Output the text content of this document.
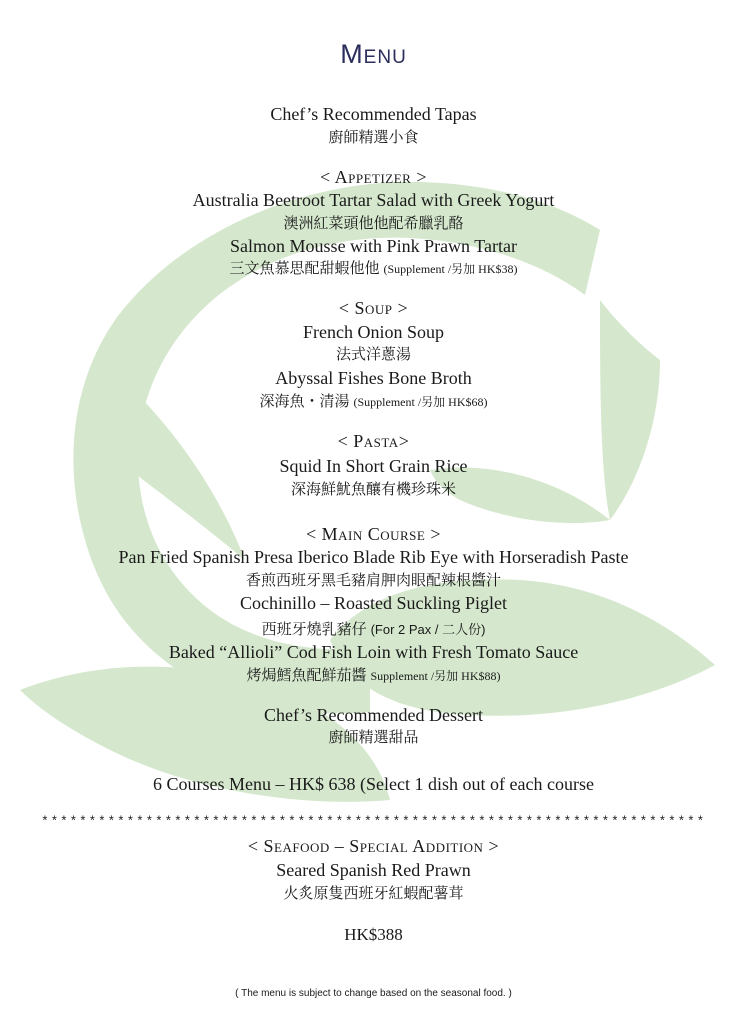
Menu
Chef’s Recommended Tapas
廚師精選小食
< Appetizer >
Australia Beetroot Tartar Salad with Greek Yogurt
澳洲紅菜頭他他配希臘乳酪
Salmon Mousse with Pink Prawn Tartar
三文魚慕思配甜蝦他他 (Supplement /另加 HK$38)
< Soup >
French Onion Soup
法式洋蔥湯
Abyssal Fishes Bone Broth
深海魚・清湯 (Supplement /另加 HK$68)
< Pasta>
Squid In Short Grain Rice
深海鮮魷魚釀有機珍珠米
< Main Course >
Pan Fried Spanish Presa Iberico Blade Rib Eye with Horseradish Paste
香煎西班牙黑毛豬肩胛肉眼配辣根醬汁
Cochinillo – Roasted Suckling Piglet
西班牙燒乳豬仔 (For 2 Pax / 二人份)
Baked “Allioli” Cod Fish Loin with Fresh Tomato Sauce
烤焗鱈魚配鮮茄醬 Supplement /另加 HK$88)
Chef’s Recommended Dessert
廚師精選甜品
6 Courses Menu – HK$ 638 (Select 1 dish out of each course
**********************************************************************
< Seafood – Special Addition >
Seared Spanish Red Prawn
火炙原隻西班牙紅蝦配薯茸
HK$388
( The menu is subject to change based on the seasonal food. )
